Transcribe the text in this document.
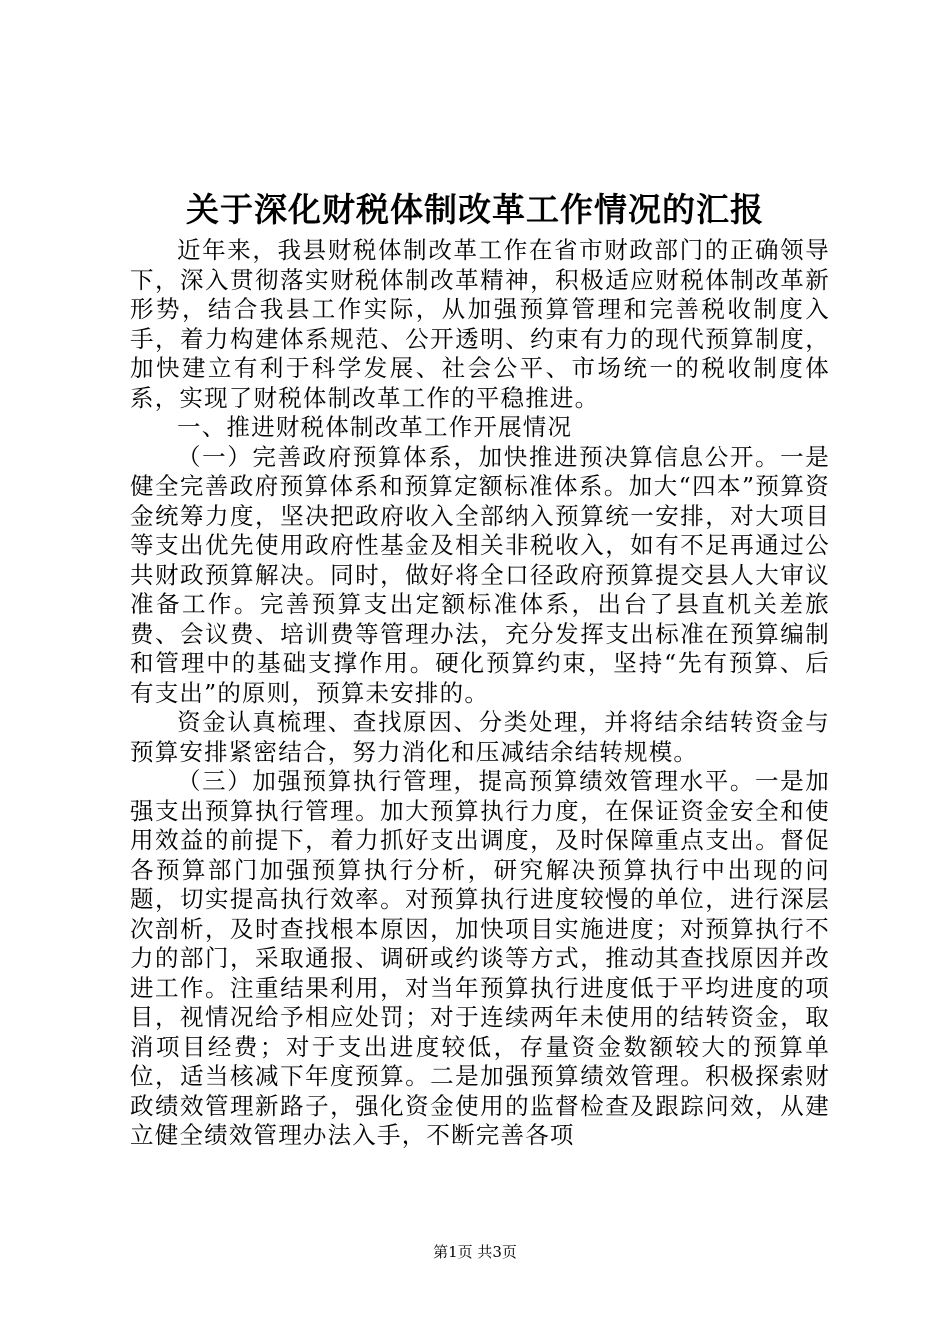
关于深化财税体制改革工作情况的汇报

近年来，我县财税体制改革工作在省市财政部门的正确领导下，深入贯彻落实财税体制改革精神，积极适应财税体制改革新形势，结合我县工作实际，从加强预算管理和完善税收制度入手，着力构建体系规范、公开透明、约束有力的现代预算制度，加快建立有利于科学发展、社会公平、市场统一的税收制度体系，实现了财税体制改革工作的平稳推进。

一、推进财税体制改革工作开展情况

（一）完善政府预算体系，加快推进预决算信息公开。一是健全完善政府预算体系和预算定额标准体系。加大“四本”预算资金统筹力度，坚决把政府收入全部纳入预算统一安排，对大项目等支出优先使用政府性基金及相关非税收入，如有不足再通过公共财政预算解决。同时，做好将全口径政府预算提交县人大审议准备工作。完善预算支出定额标准体系，出台了县直机关差旅费、会议费、培训费等管理办法，充分发挥支出标准在预算编制和管理中的基础支撑作用。硬化预算约束，坚持“先有预算、后有支出”的原则，预算未安排的。

资金认真梳理、查找原因、分类处理，并将结余结转资金与预算安排紧密结合，努力消化和压减结余结转规模。

（三）加强预算执行管理，提高预算绩效管理水平。一是加强支出预算执行管理。加大预算执行力度，在保证资金安全和使用效益的前提下，着力抓好支出调度，及时保障重点支出。督促各预算部门加强预算执行分析，研究解决预算执行中出现的问题，切实提高执行效率。对预算执行进度较慢的单位，进行深层次剖析，及时查找根本原因，加快项目实施进度；对预算执行不力的部门，采取通报、调研或约谈等方式，推动其查找原因并改进工作。注重结果利用，对当年预算执行进度低于平均进度的项目，视情况给予相应处罚；对于连续两年未使用的结转资金，取消项目经费；对于支出进度较低，存量资金数额较大的预算单位，适当核减下年度预算。二是加强预算绩效管理。积极探索财政绩效管理新路子，强化资金使用的监督检查及跟踪问效，从建立健全绩效管理办法入手，不断完善各项

第1页 共3页
